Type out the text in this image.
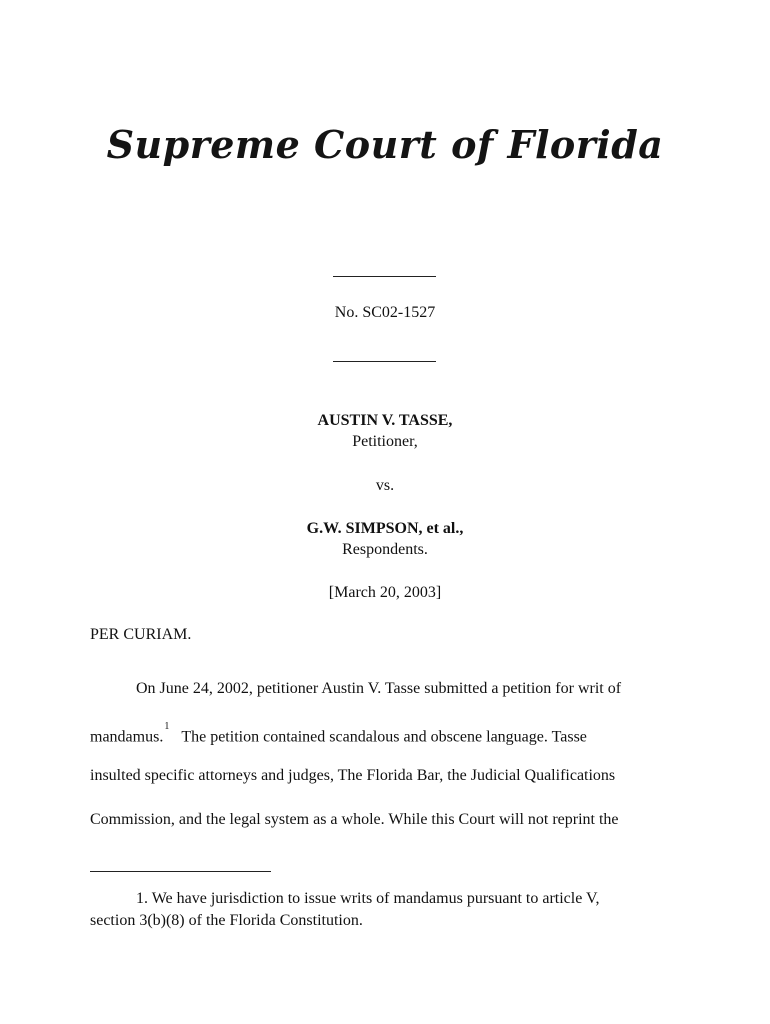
Supreme Court of Florida
No. SC02-1527
AUSTIN V. TASSE,
Petitioner,
vs.
G.W. SIMPSON, et al.,
Respondents.
[March 20, 2003]
PER CURIAM.
On June 24, 2002, petitioner Austin V. Tasse submitted a petition for writ of
mandamus.$^1$The petition contained scandalous and obscene language. Tasse
insulted specific attorneys and judges, The Florida Bar, the Judicial Qualifications
Commission, and the legal system as a whole. While this Court will not reprint the
1. We have jurisdiction to issue writs of mandamus pursuant to article V,
section 3(b)(8) of the Florida Constitution.
